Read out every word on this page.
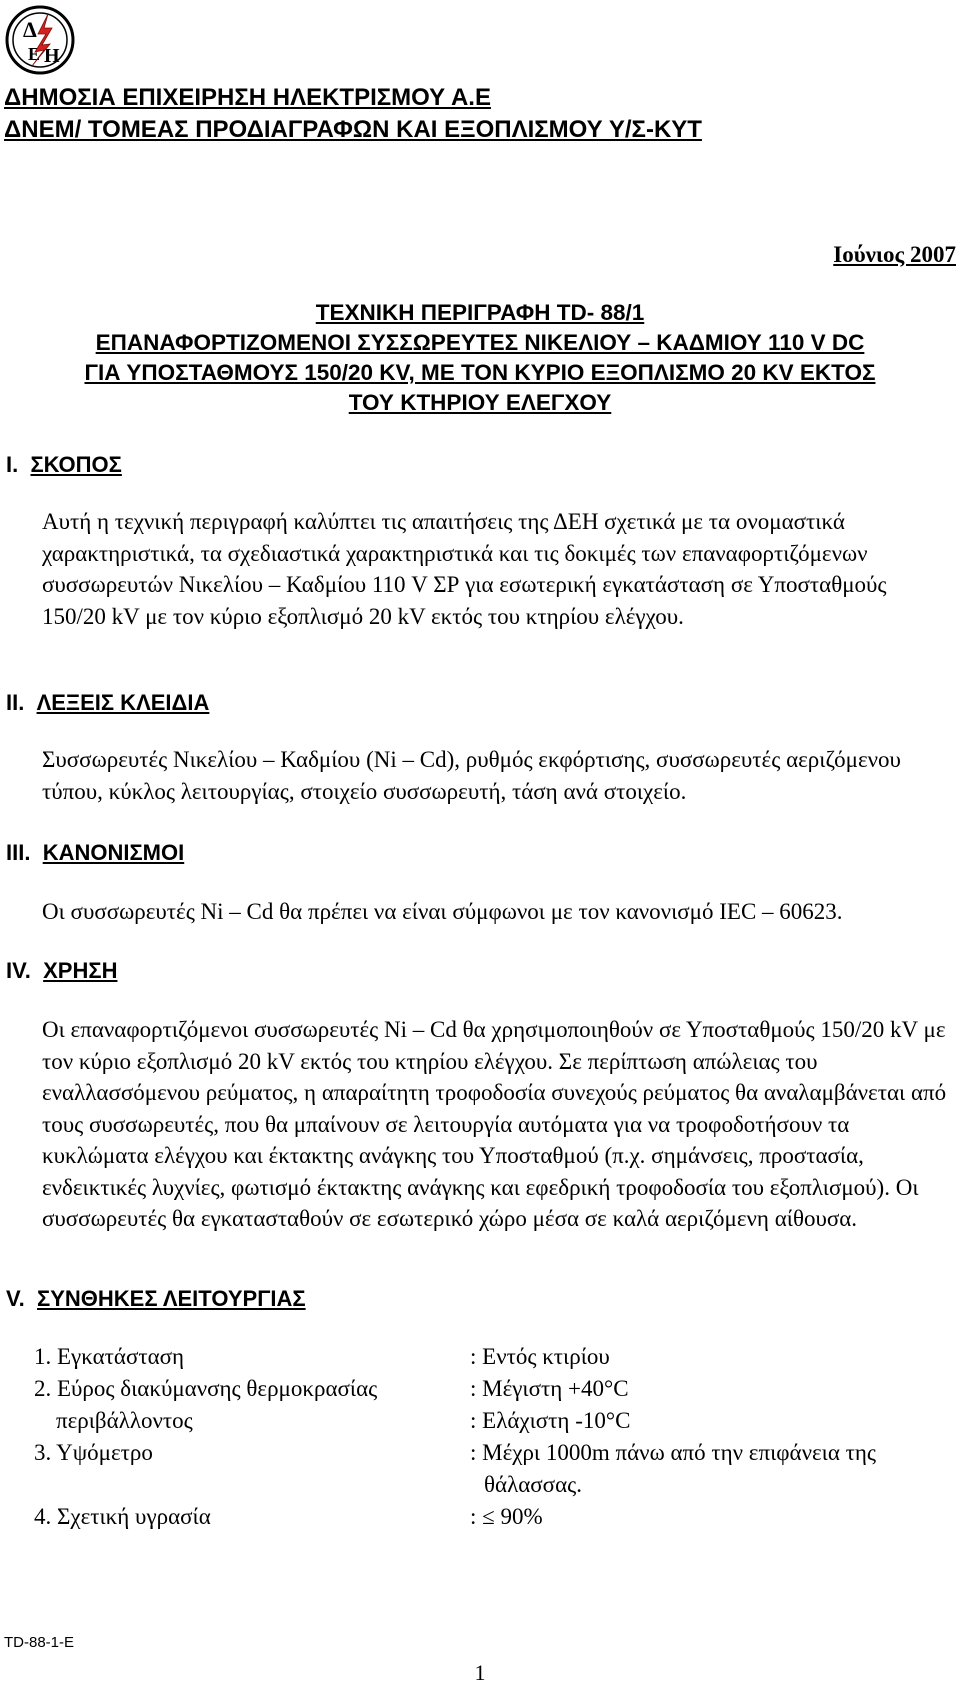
Δ
H
E
ΔΗΜΟΣΙΑ ΕΠΙΧΕΙΡΗΣΗ ΗΛΕΚΤΡΙΣΜΟΥ Α.Ε
ΔΝΕΜ/ ΤΟΜΕΑΣ ΠΡΟΔΙΑΓΡΑΦΩΝ ΚΑΙ ΕΞΟΠΛΙΣΜΟΥ Υ/Σ-ΚΥΤ
Ιούνιος 2007
ΤΕΧΝΙΚΗ ΠΕΡΙΓΡΑΦΗ TD- 88/1
ΕΠΑΝΑΦΟΡΤΙΖΟΜΕΝΟΙ ΣΥΣΣΩΡΕΥΤΕΣ ΝΙΚΕΛΙΟΥ – ΚΑΔΜΙΟΥ 110 V DC
ΓΙΑ ΥΠΟΣΤΑΘΜΟΥΣ 150/20 KV, ΜΕ ΤΟΝ ΚΥΡΙΟ ΕΞΟΠΛΙΣΜΟ 20 KV ΕΚΤΟΣ
ΤΟΥ ΚΤΗΡΙΟΥ ΕΛΕΓΧΟΥ
I. ΣΚΟΠΟΣ
Αυτή η τεχνική περιγραφή καλύπτει τις απαιτήσεις της ΔΕΗ σχετικά με τα ονομαστικά χαρακτηριστικά, τα σχεδιαστικά χαρακτηριστικά και τις δοκιμές των επαναφορτιζόμενων συσσωρευτών Νικελίου – Καδμίου 110 V ΣΡ για εσωτερική εγκατάσταση σε Υποσταθμούς 150/20 kV με τον κύριο εξοπλισμό 20 kV εκτός του κτηρίου ελέγχου.
II. ΛΕΞΕΙΣ ΚΛΕΙΔΙΑ
Συσσωρευτές Νικελίου – Καδμίου (Ni – Cd), ρυθμός εκφόρτισης, συσσωρευτές αεριζόμενου τύπου, κύκλος λειτουργίας, στοιχείο συσσωρευτή, τάση ανά στοιχείο.
III. ΚΑΝΟΝΙΣΜΟΙ
Οι συσσωρευτές Ni – Cd θα πρέπει να είναι σύμφωνοι με τον κανονισμό IEC – 60623.
IV. ΧΡΗΣΗ
Οι επαναφορτιζόμενοι συσσωρευτές Ni – Cd θα χρησιμοποιηθούν σε Υποσταθμούς 150/20 kV με τον κύριο εξοπλισμό 20 kV εκτός του κτηρίου ελέγχου. Σε περίπτωση απώλειας του εναλλασσόμενου ρεύματος, η απαραίτητη τροφοδοσία συνεχούς ρεύματος θα αναλαμβάνεται από τους συσσωρευτές, που θα μπαίνουν σε λειτουργία αυτόματα για να τροφοδοτήσουν τα κυκλώματα ελέγχου και έκτακτης ανάγκης του Υποσταθμού (π.χ. σημάνσεις, προστασία, ενδεικτικές λυχνίες, φωτισμό έκτακτης ανάγκης και εφεδρική τροφοδοσία του εξοπλισμού). Οι συσσωρευτές θα εγκατασταθούν σε εσωτερικό χώρο μέσα σε καλά αεριζόμενη αίθουσα.
V. ΣΥΝΘΗΚΕΣ ΛΕΙΤΟΥΡΓΙΑΣ
1. Εγκατάσταση	: Εντός κτιρίου
2. Εύρος διακύμανσης θερμοκρασίας	: Μέγιστη +40°C
περιβάλλοντος	: Ελάχιστη -10°C
3. Υψόμετρο	: Μέχρι 1000m πάνω από την επιφάνεια της
θάλασσας.
4. Σχετική υγρασία	: ≤ 90%
TD-88-1-E
1
